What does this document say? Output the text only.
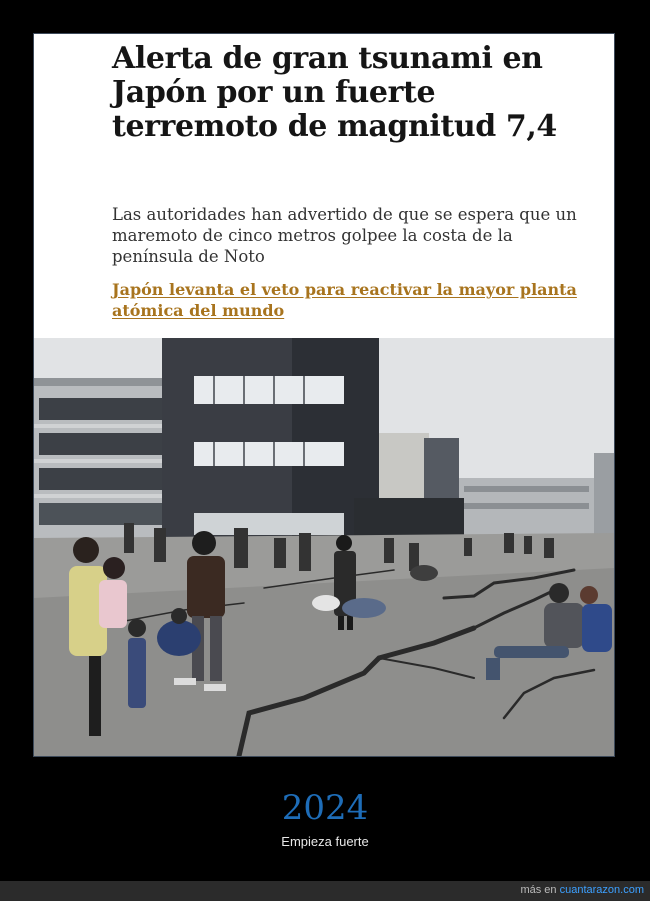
Alerta de gran tsunami en Japón por un fuerte terremoto de magnitud 7,4

Las autoridades han advertido de que se espera que un maremoto de cinco metros golpee la costa de la península de Noto

Japón levanta el veto para reactivar la mayor planta atómica del mundo
2024
Empieza fuerte
más en cuantarazon.com
